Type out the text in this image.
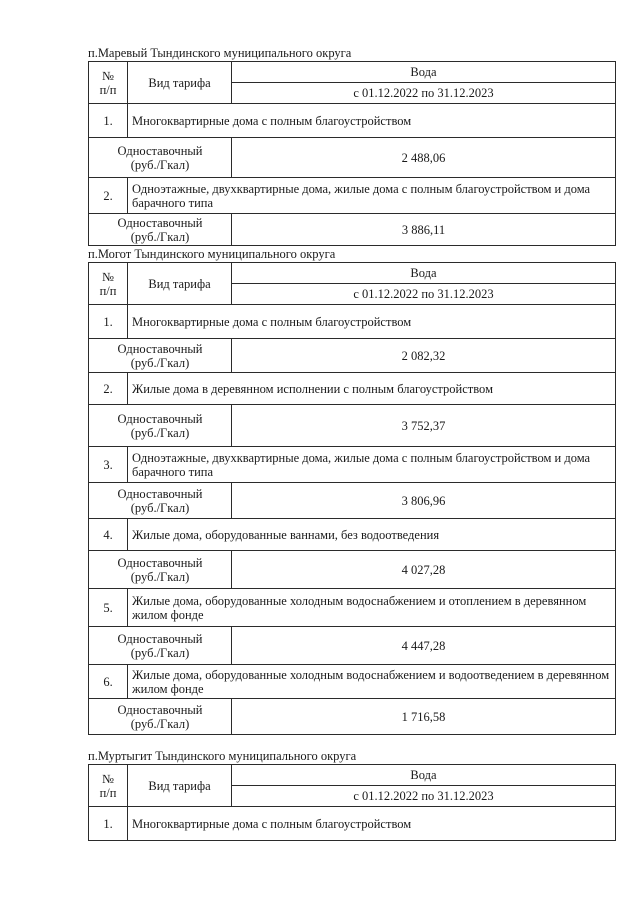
п.Маревый Тындинского муниципального округа
№
п/п	Вид тарифа	Вода
		с 01.12.2022 по 31.12.2023
1.	Многоквартирные дома с полным благоустройством	

Одноставочный
(руб./Гкал)		2 488,06
2.	Одноэтажные, двухквартирные дома, жилые дома с полным благоустройством и дома барачного типа	

Одноставочный
(руб./Гкал)		3 886,11
п.Могот Тындинского муниципального округа
№
п/п	Вид тарифа	Вода
		с 01.12.2022 по 31.12.2023
1.	Многоквартирные дома с полным благоустройством	

Одноставочный
(руб./Гкал)		2 082,32
2.	Жилые дома в деревянном исполнении с полным благоустройством	

Одноставочный
(руб./Гкал)		3 752,37
3.	Одноэтажные, двухквартирные дома, жилые дома с полным благоустройством и дома барачного типа	

Одноставочный
(руб./Гкал)		3 806,96
4.	Жилые дома, оборудованные ваннами, без водоотведения	

Одноставочный
(руб./Гкал)		4 027,28
5.	Жилые дома, оборудованные холодным водоснабжением и отоплением в деревянном жилом фонде	

Одноставочный
(руб./Гкал)		4 447,28
6.	Жилые дома, оборудованные холодным водоснабжением и водоотведением в деревянном жилом фонде	

Одноставочный
(руб./Гкал)		1 716,58
п.Муртыгит Тындинского муниципального округа
№
п/п	Вид тарифа	Вода
		с 01.12.2022 по 31.12.2023
1.	Многоквартирные дома с полным благоустройством	
